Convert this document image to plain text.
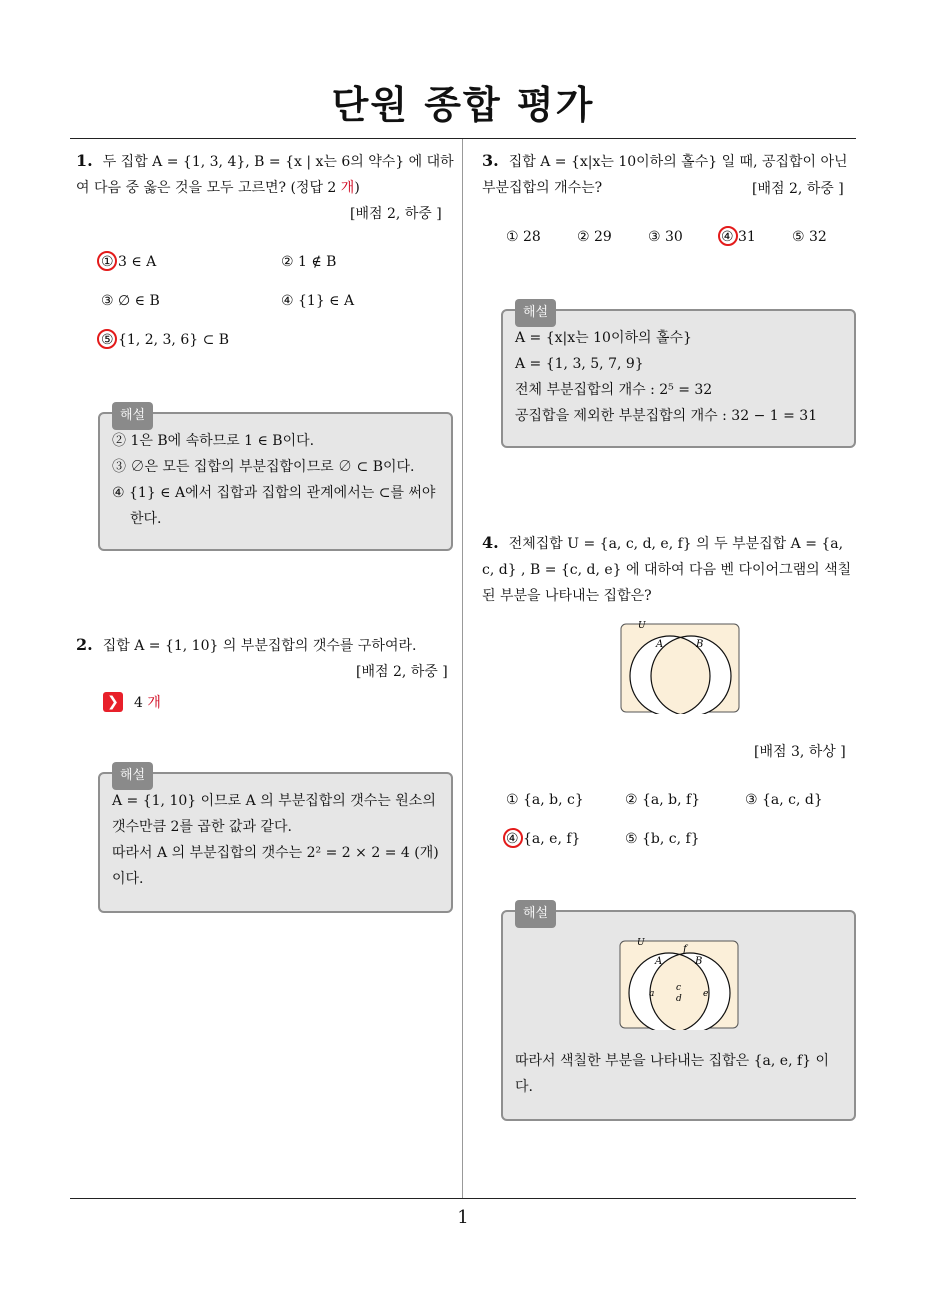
단원 종합 평가
1. 두 집합 A = {1, 3, 4}, B = {x | x는 6의 약수} 에 대하여 다음 중 옳은 것을 모두 고르면? (정답 2 개)
[배점 2, 하중 ]
① 3 ∈ A	② 1 ∉ B
③ ∅ ∈ B	④ {1} ∈ A
⑤ {1, 2, 3, 6} ⊂ B
해설
② 1은 B에 속하므로 1 ∈ B이다.
③ ∅은 모든 집합의 부분집합이므로 ∅ ⊂ B이다.
④ {1} ∈ A에서 집합과 집합의 관계에서는 ⊂를 써야 한다.
2. 집합 A = {1, 10} 의 부분집합의 갯수를 구하여라.
[배점 2, 하중 ]
❯ 4 개
해설
A = {1, 10} 이므로 A 의 부분집합의 갯수는 원소의 갯수만큼 2를 곱한 값과 같다.
따라서 A 의 부분집합의 갯수는 2² = 2 × 2 = 4 (개)이다.
3. 집합 A = {x|x는 10이하의 홀수} 일 때, 공집합이 아닌 부분집합의 개수는?	[배점 2, 하중 ]
① 28	② 29	③ 30	④ 31	⑤ 32
해설
A = {x|x는 10이하의 홀수}
A = {1, 3, 5, 7, 9}
전체 부분집합의 개수 : 2⁵ = 32
공집합을 제외한 부분집합의 개수 : 32 − 1 = 31
4. 전체집합 U = {a, c, d, e, f} 의 두 부분집합 A = {a, c, d} , B = {c, d, e} 에 대하여 다음 벤 다이어그램의 색칠된 부분을 나타내는 집합은?
U
A	B
[배점 3, 하상 ]
① {a, b, c}	② {a, b, f}	③ {a, c, d}
④ {a, e, f}	⑤ {b, c, f}
해설
U
A	B
f
a
c
d e
따라서 색칠한 부분을 나타내는 집합은 {a, e, f} 이다.
1
